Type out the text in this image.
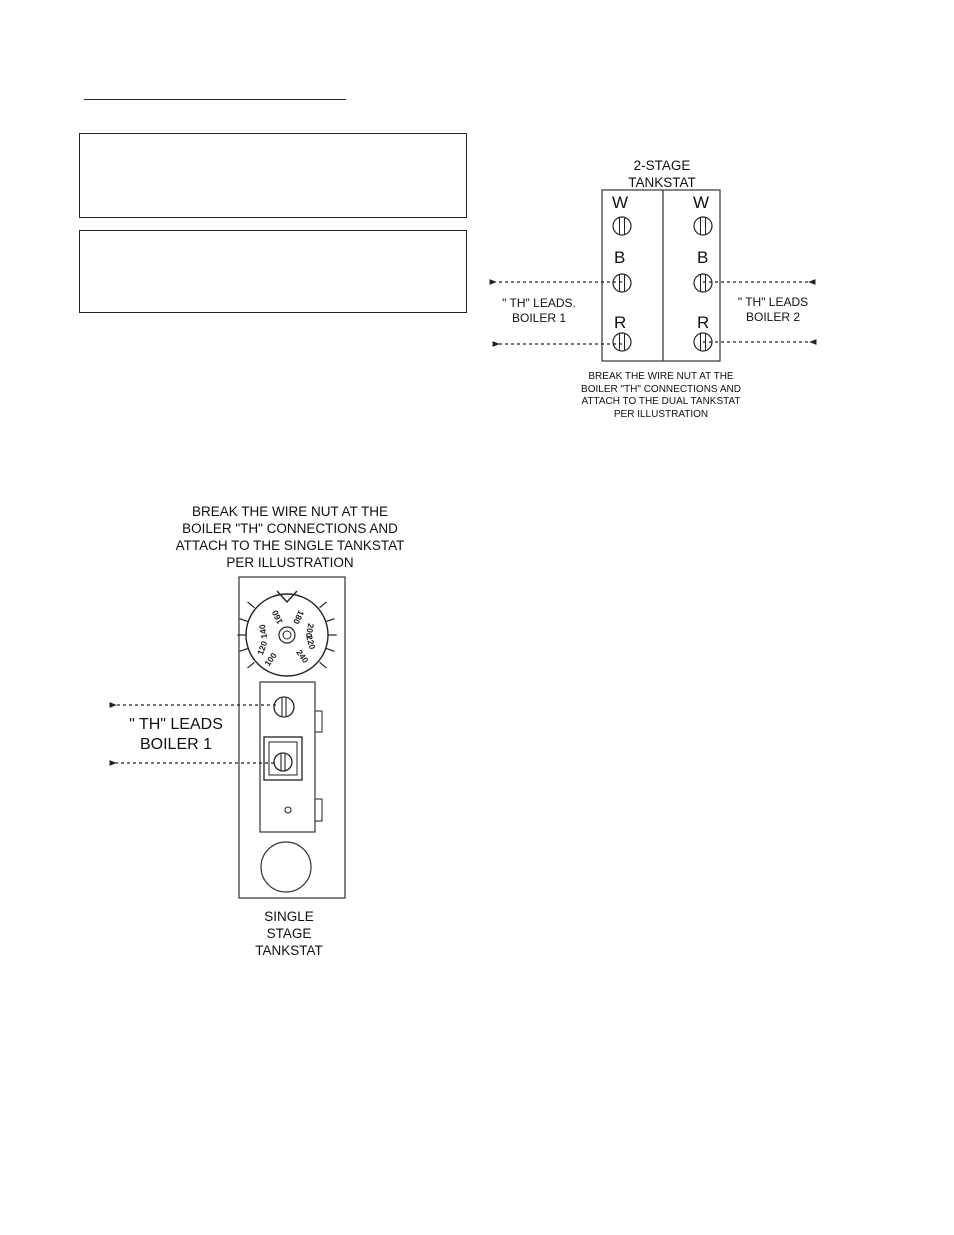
100
120
140
160 180
200
220
240
2-STAGE
TANKSTAT
W
B
R
W
B
R
" TH" LEADS.
BOILER 1
" TH" LEADS
BOILER 2
BREAK THE WIRE NUT AT THE
BOILER "TH" CONNECTIONS AND
ATTACH TO THE DUAL TANKSTAT
PER ILLUSTRATION
BREAK THE WIRE NUT AT THE
BOILER "TH" CONNECTIONS AND
ATTACH TO THE SINGLE TANKSTAT
PER ILLUSTRATION
" TH" LEADS
BOILER 1
SINGLE
STAGE
TANKSTAT
